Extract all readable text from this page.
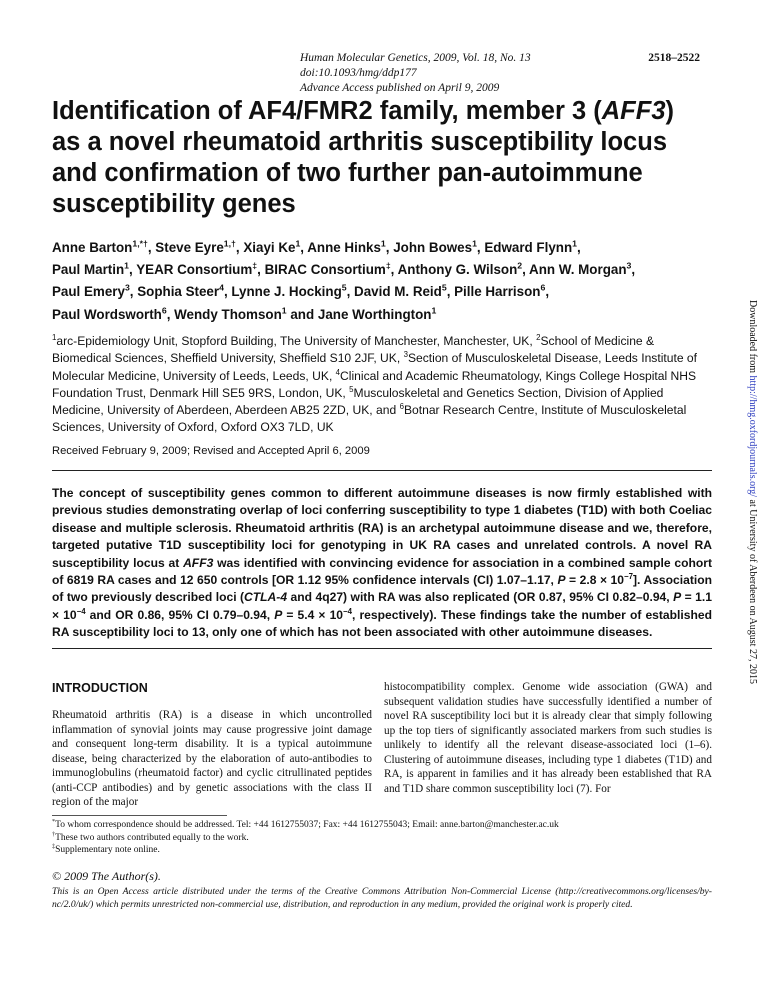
Human Molecular Genetics, 2009, Vol. 18, No. 13	2518–2522
doi:10.1093/hmg/ddp177
Advance Access published on April 9, 2009
Identification of AF4/FMR2 family, member 3 (AFF3)
as a novel rheumatoid arthritis susceptibility locus
and confirmation of two further pan-autoimmune
susceptibility genes
Anne Barton$^{1,*\dagger}$, Steve Eyre$^{1,\dagger}$, Xiayi Ke$^1$, Anne Hinks$^1$, John Bowes$^1$, Edward Flynn$^1$,
Paul Martin$^1$, YEAR Consortium‡, BIRAC Consortium‡, Anthony G. Wilson$^2$, Ann W. Morgan$^3$,
Paul Emery$^3$, Sophia Steer$^4$, Lynne J. Hocking$^5$, David M. Reid$^5$, Pille Harrison$^6$,
Paul Wordsworth$^6$, Wendy Thomson$^1$ and Jane Worthington$^1$
$^1$arc-Epidemiology Unit, Stopford Building, The University of Manchester, Manchester, UK, $^2$School of Medicine & Biomedical Sciences, Sheffield University, Sheffield S10 2JF, UK, $^3$Section of Musculoskeletal Disease, Leeds Institute of Molecular Medicine, University of Leeds, Leeds, UK, $^4$Clinical and Academic Rheumatology, Kings College Hospital NHS Foundation Trust, Denmark Hill SE5 9RS, London, UK, $^5$Musculoskeletal and Genetics Section, Division of Applied Medicine, University of Aberdeen, Aberdeen AB25 2ZD, UK, and $^6$Botnar Research Centre, Institute of Musculoskeletal Sciences, University of Oxford, Oxford OX3 7LD, UK
Received February 9, 2009; Revised and Accepted April 6, 2009
The concept of susceptibility genes common to different autoimmune diseases is now firmly established with previous studies demonstrating overlap of loci conferring susceptibility to type 1 diabetes (T1D) with both Coeliac disease and multiple sclerosis. Rheumatoid arthritis (RA) is an archetypal autoimmune disease and we, therefore, targeted putative T1D susceptibility loci for genotyping in UK RA cases and unrelated controls. A novel RA susceptibility locus at AFF3 was identified with convincing evidence for association in a combined sample cohort of 6819 RA cases and 12 650 controls [OR 1.12 95% confidence intervals (CI) 1.07–1.17, $P = 2.8 \times 10^{-7}$]. Association of two previously described loci (CTLA-4 and 4q27) with RA was also replicated (OR 0.87, 95% CI 0.82–0.94, $P = 1.1 \times 10^{-4}$ and OR 0.86, 95% CI 0.79–0.94, $P = 5.4 \times 10^{-4}$, respectively). These findings take the number of established RA susceptibility loci to 13, only one of which has not been associated with other autoimmune diseases.
INTRODUCTION
Rheumatoid arthritis (RA) is a disease in which uncontrolled inflammation of synovial joints may cause progressive joint damage and consequent long-term disability. It is a typical autoimmune disease, being characterized by the elaboration of auto-antibodies to immunoglobulins (rheumatoid factor) and cyclic citrullinated peptides (anti-CCP antibodies) and by genetic associations with the class II region of the major
histocompatibility complex. Genome wide association (GWA) and subsequent validation studies have successfully identified a number of novel RA susceptibility loci but it is already clear that simply following up the top tiers of significantly associated markers from such studies is unlikely to identify all the relevant disease-associated loci (1–6). Clustering of autoimmune diseases, including type 1 diabetes (T1D) and RA, is apparent in families and it has already been established that RA and T1D share common susceptibility loci (7). For
*To whom correspondence should be addressed. Tel: +44 1612755037; Fax: +44 1612755043; Email: anne.barton@manchester.ac.uk
†These two authors contributed equally to the work.
‡Supplementary note online.
© 2009 The Author(s).
This is an Open Access article distributed under the terms of the Creative Commons Attribution Non-Commercial License (http://creativecommons.org/licenses/by-nc/2.0/uk/) which permits unrestricted non-commercial use, distribution, and reproduction in any medium, provided the original work is properly cited.
Downloaded from http://hmg.oxfordjournals.org/ at University of Aberdeen on August 27, 2015
